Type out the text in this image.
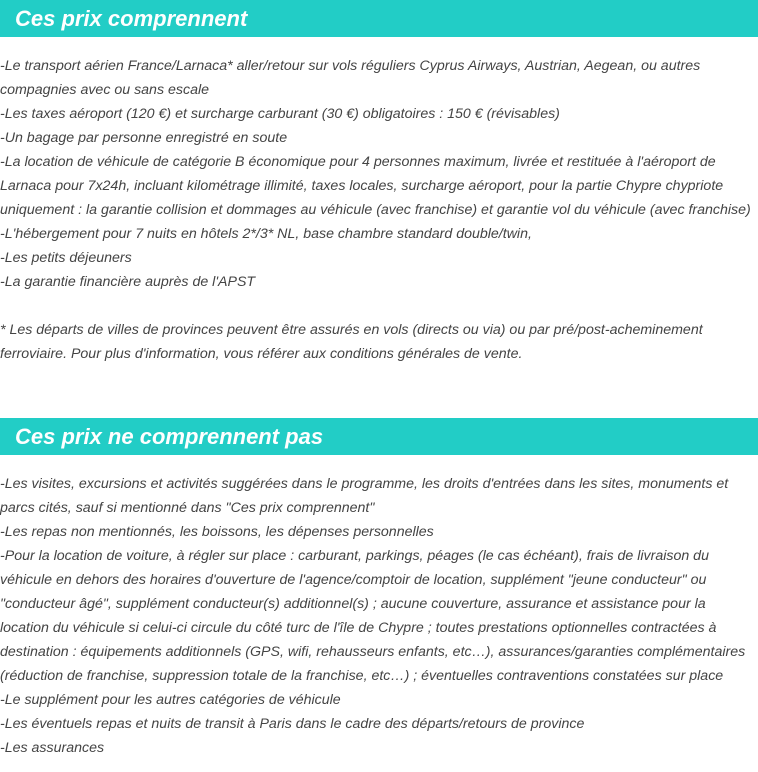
Ces prix comprennent

-Le transport aérien France/Larnaca* aller/retour sur vols réguliers Cyprus Airways, Austrian, Aegean, ou autres compagnies avec ou sans escale

-Les taxes aéroport (120 €) et surcharge carburant (30 €) obligatoires : 150 € (révisables)

-Un bagage par personne enregistré en soute

-La location de véhicule de catégorie B économique pour 4 personnes maximum, livrée et restituée à l'aéroport de Larnaca pour 7x24h, incluant kilométrage illimité, taxes locales, surcharge aéroport, pour la partie Chypre chypriote uniquement : la garantie collision et dommages au véhicule (avec franchise) et garantie vol du véhicule (avec franchise)

-L'hébergement pour 7 nuits en hôtels 2*/3* NL, base chambre standard double/twin,

-Les petits déjeuners

-La garantie financière auprès de l'APST

* Les départs de villes de provinces peuvent être assurés en vols (directs ou via) ou par pré/post-acheminement ferroviaire. Pour plus d'information, vous référer aux conditions générales de vente.

Ces prix ne comprennent pas

-Les visites, excursions et activités suggérées dans le programme, les droits d'entrées dans les sites, monuments et parcs cités, sauf si mentionné dans "Ces prix comprennent"

-Les repas non mentionnés, les boissons, les dépenses personnelles

-Pour la location de voiture, à régler sur place : carburant, parkings, péages (le cas échéant), frais de livraison du véhicule en dehors des horaires d'ouverture de l'agence/comptoir de location, supplément "jeune conducteur" ou "conducteur âgé", supplément conducteur(s) additionnel(s) ; aucune couverture, assurance et assistance pour la location du véhicule si celui-ci circule du côté turc de l'île de Chypre ; toutes prestations optionnelles contractées à destination : équipements additionnels (GPS, wifi, rehausseurs enfants, etc…), assurances/garanties complémentaires (réduction de franchise, suppression totale de la franchise, etc…) ; éventuelles contraventions constatées sur place

-Le supplément pour les autres catégories de véhicule

-Les éventuels repas et nuits de transit à Paris dans le cadre des départs/retours de province

-Les assurances
